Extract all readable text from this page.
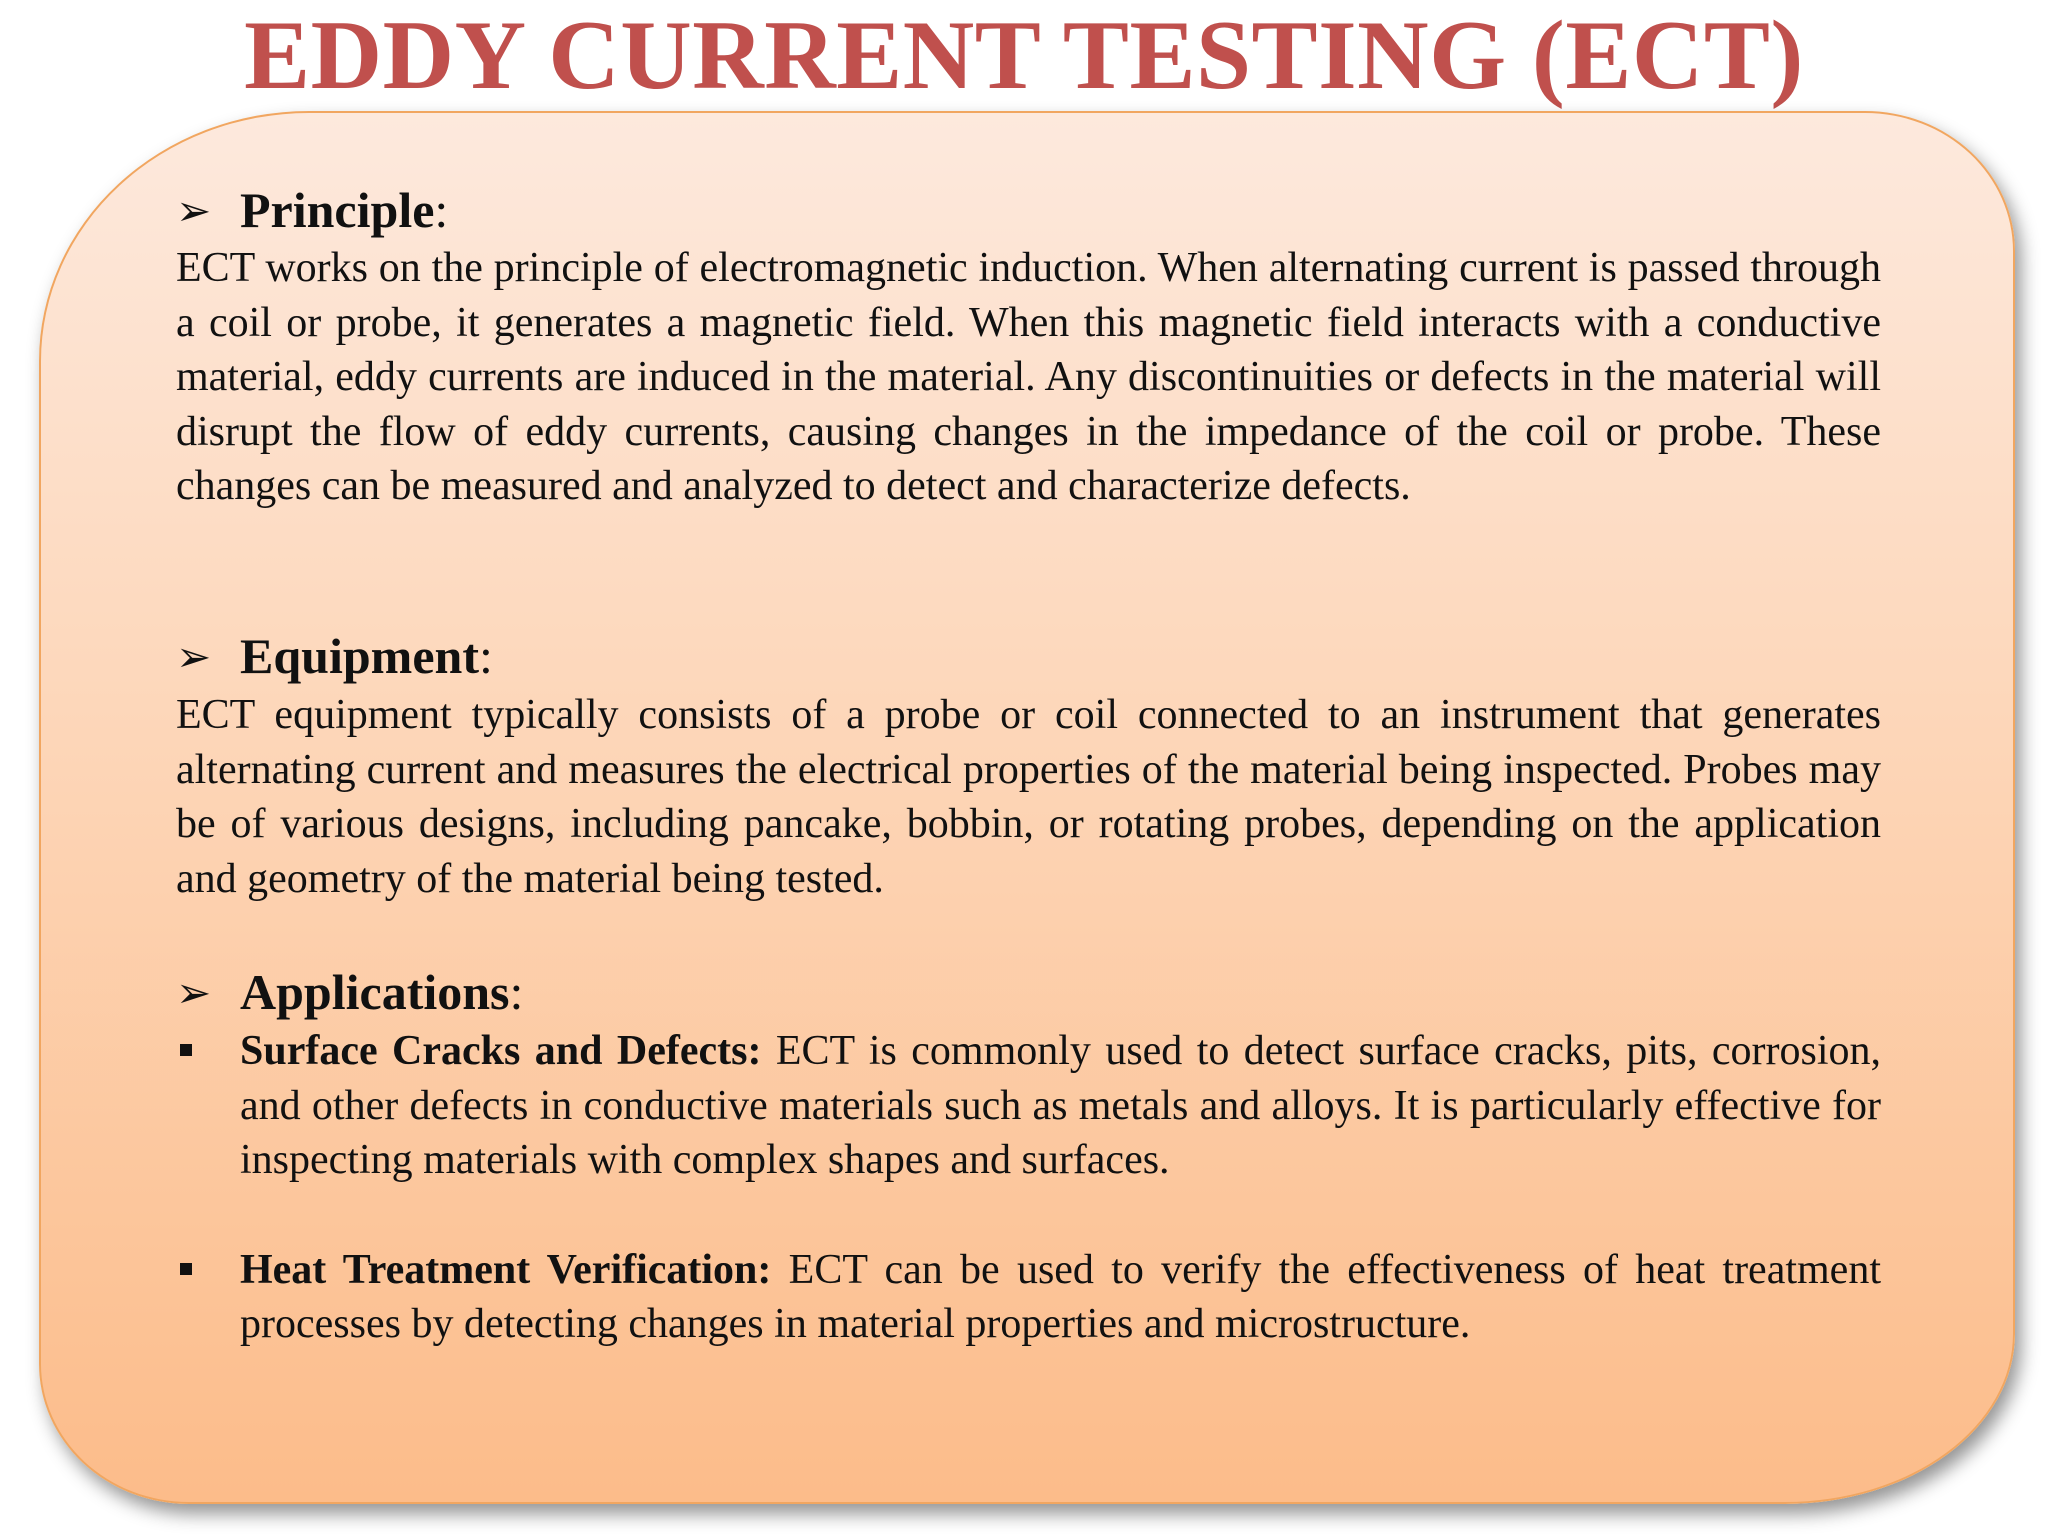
EDDY CURRENT TESTING (ECT)
➢ Principle:

ECT works on the principle of electromagnetic induction. When alternating current is passed through a coil or probe, it generates a magnetic field. When this magnetic field interacts with a conductive material, eddy currents are induced in the material. Any discontinuities or defects in the material will disrupt the flow of eddy currents, causing changes in the impedance of the coil or probe. These changes can be measured and analyzed to detect and characterize defects.

➢ Equipment:

ECT equipment typically consists of a probe or coil connected to an instrument that generates alternating current and measures the electrical properties of the material being inspected. Probes may be of various designs, including pancake, bobbin, or rotating probes, depending on the application and geometry of the material being tested.

➢ Applications:
Surface Cracks and Defects: ECT is commonly used to detect surface cracks, pits, corrosion, and other defects in conductive materials such as metals and alloys. It is particularly effective for inspecting materials with complex shapes and surfaces.
Heat Treatment Verification: ECT can be used to verify the effectiveness of heat treatment processes by detecting changes in material properties and microstructure.
